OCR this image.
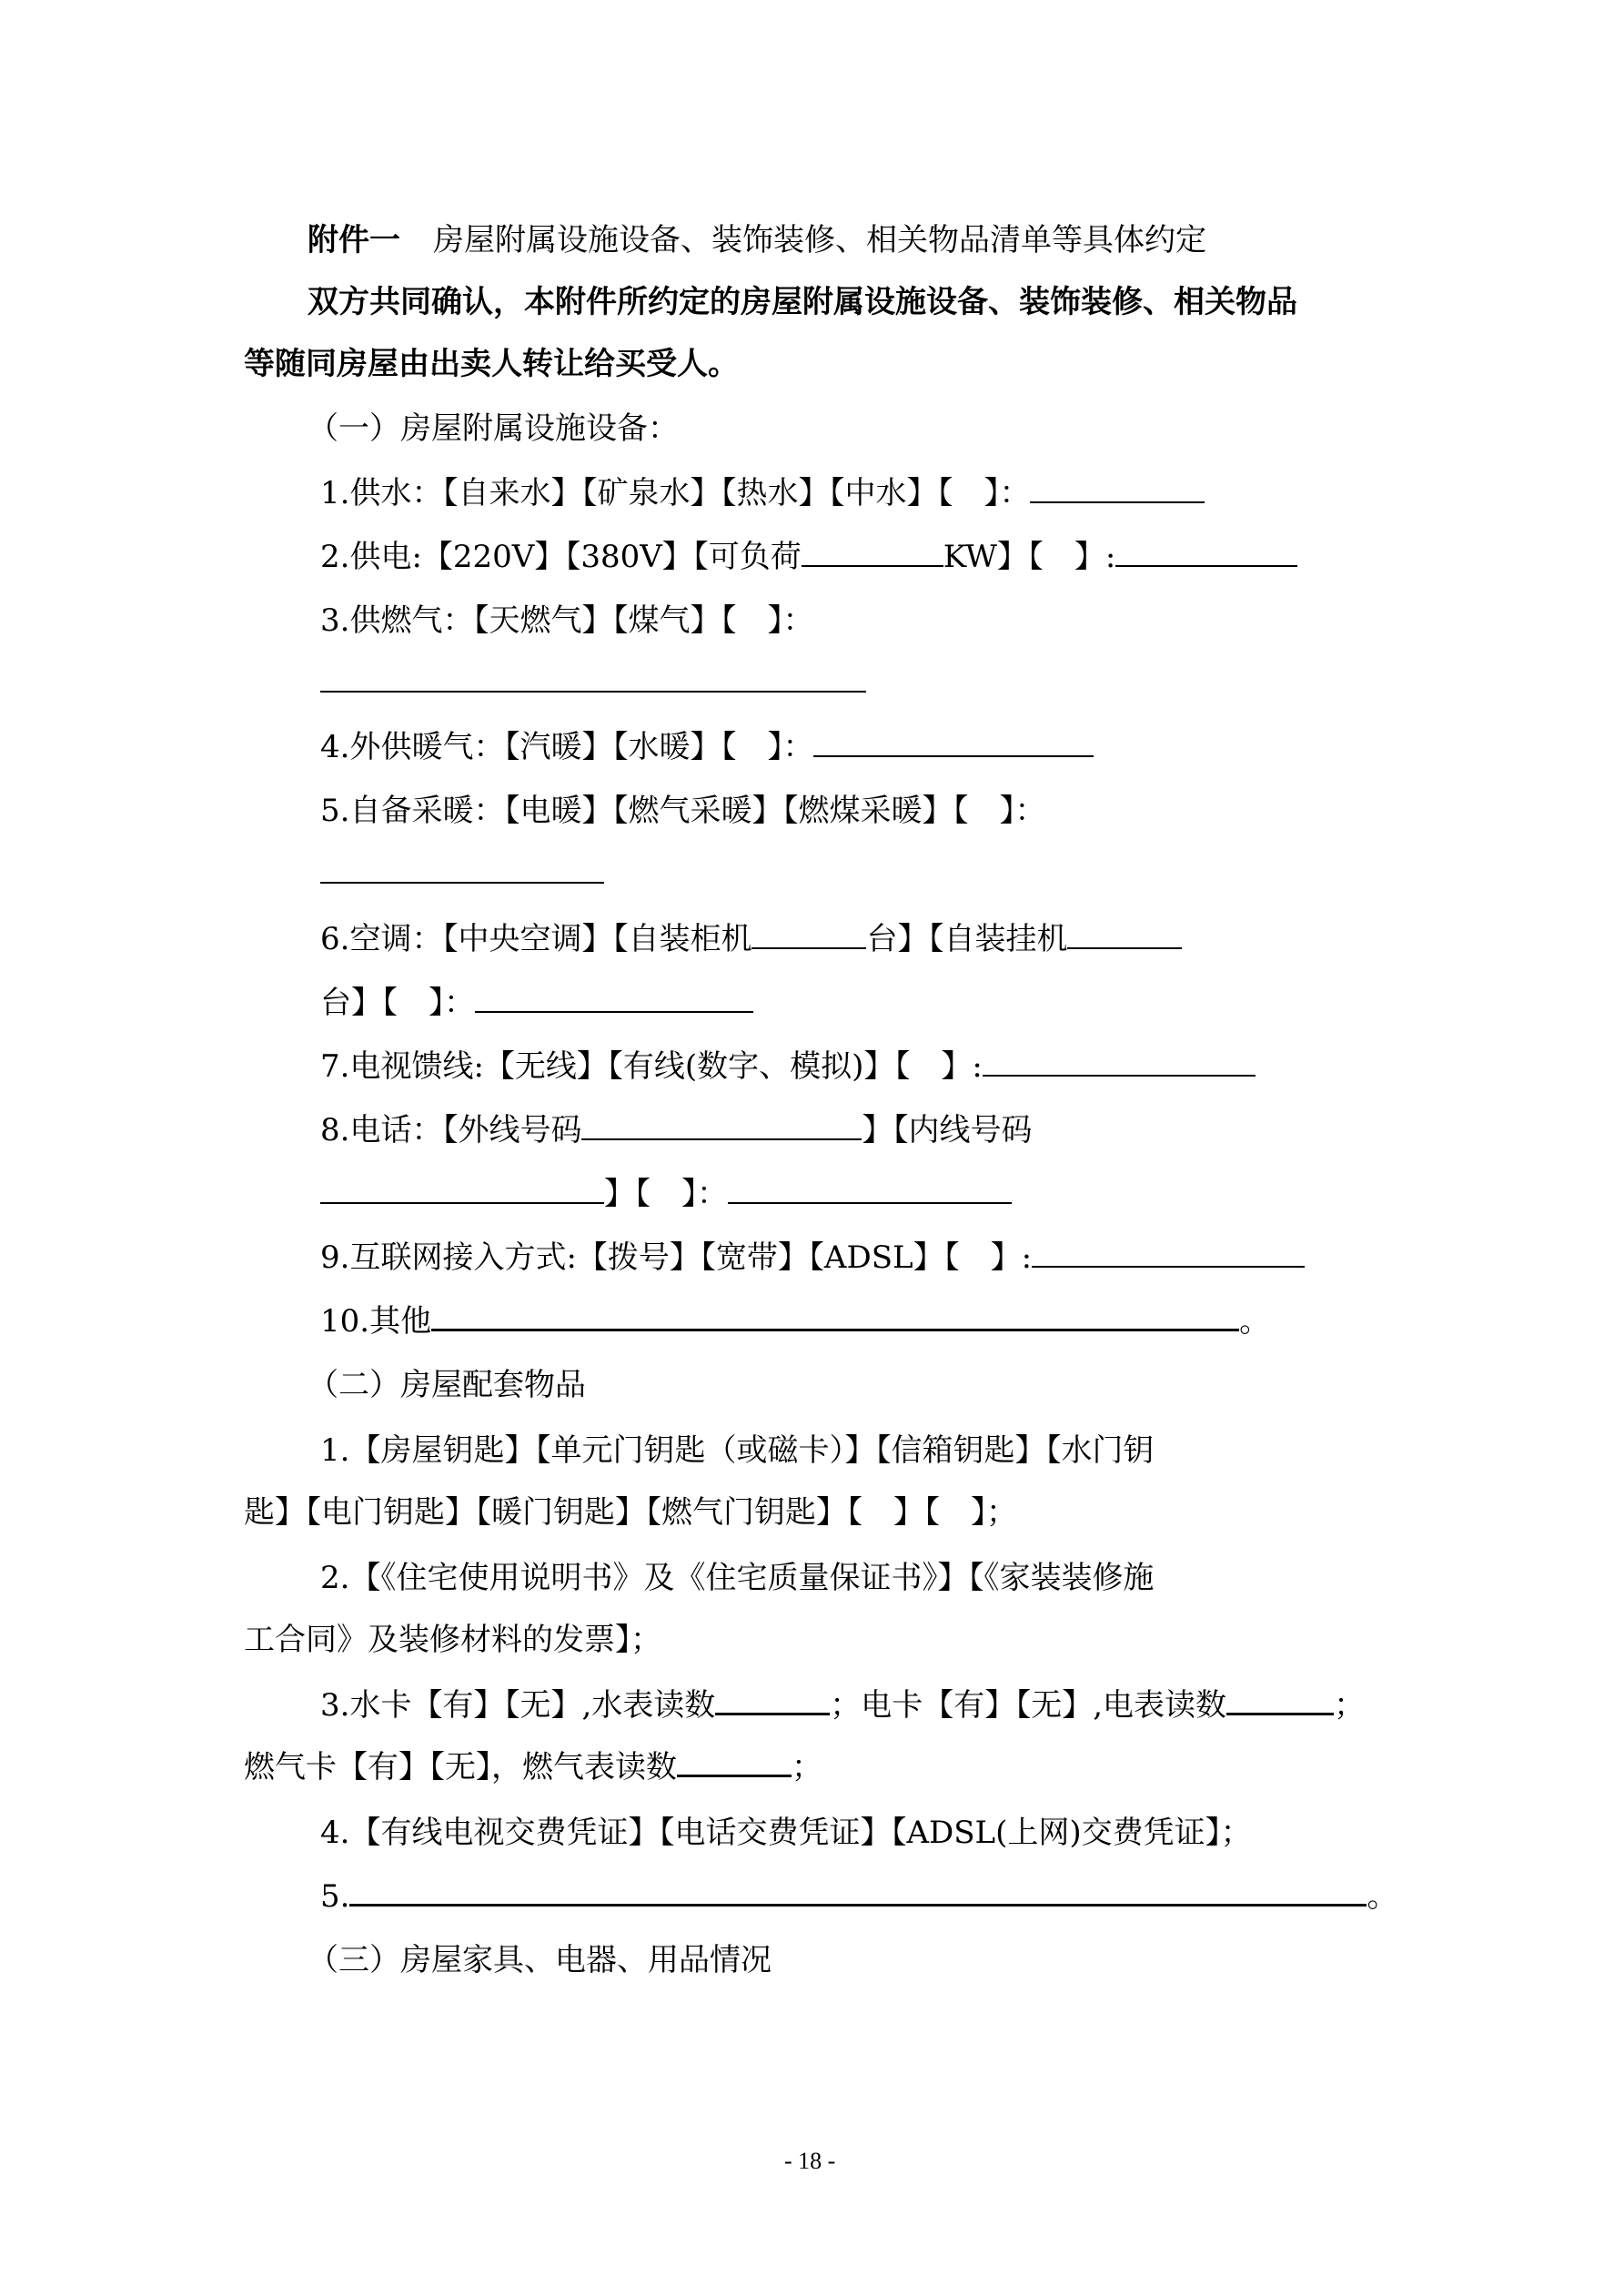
附件一 房屋附属设施设备、装饰装修、相关物品清单等具体约定
双方共同确认，本附件所约定的房屋附属设施设备、装饰装修、相关物品
等随同房屋由出卖人转让给买受人。
（一）房屋附属设施设备：
1.供水：【自来水】【矿泉水】【热水】【中水】【　】：
2.供电:【220V】【380V】【可负荷	KW】【　】:
3.供燃气：【天燃气】【煤气】【　】：
4.外供暖气：【汽暖】【水暖】【　】：
5.自备采暖：【电暖】【燃气采暖】【燃煤采暖】【　】：
6.空调：【中央空调】【自装柜机	台】【自装挂机
台】【　】：
7.电视馈线:【无线】【有线(数字、模拟)】【　】:
8.电话：【外线号码	】【内线号码
】【　】：
9.互联网接入方式:【拨号】【宽带】【ADSL】【　】:
10.其他	。
（二）房屋配套物品
1.【房屋钥匙】【单元门钥匙（或磁卡）】【信箱钥匙】【水门钥
匙】【电门钥匙】【暖门钥匙】【燃气门钥匙】【　】【　】；
2.【《住宅使用说明书》及《住宅质量保证书》】【《家装装修施
工合同》及装修材料的发票】；
3.水卡【有】【无】,水表读数	；电卡【有】【无】,电表读数	；
燃气卡【有】【无】，燃气表读数	；
4.【有线电视交费凭证】【电话交费凭证】【ADSL(上网)交费凭证】；
5.	。
（三）房屋家具、电器、用品情况
- 18 -
